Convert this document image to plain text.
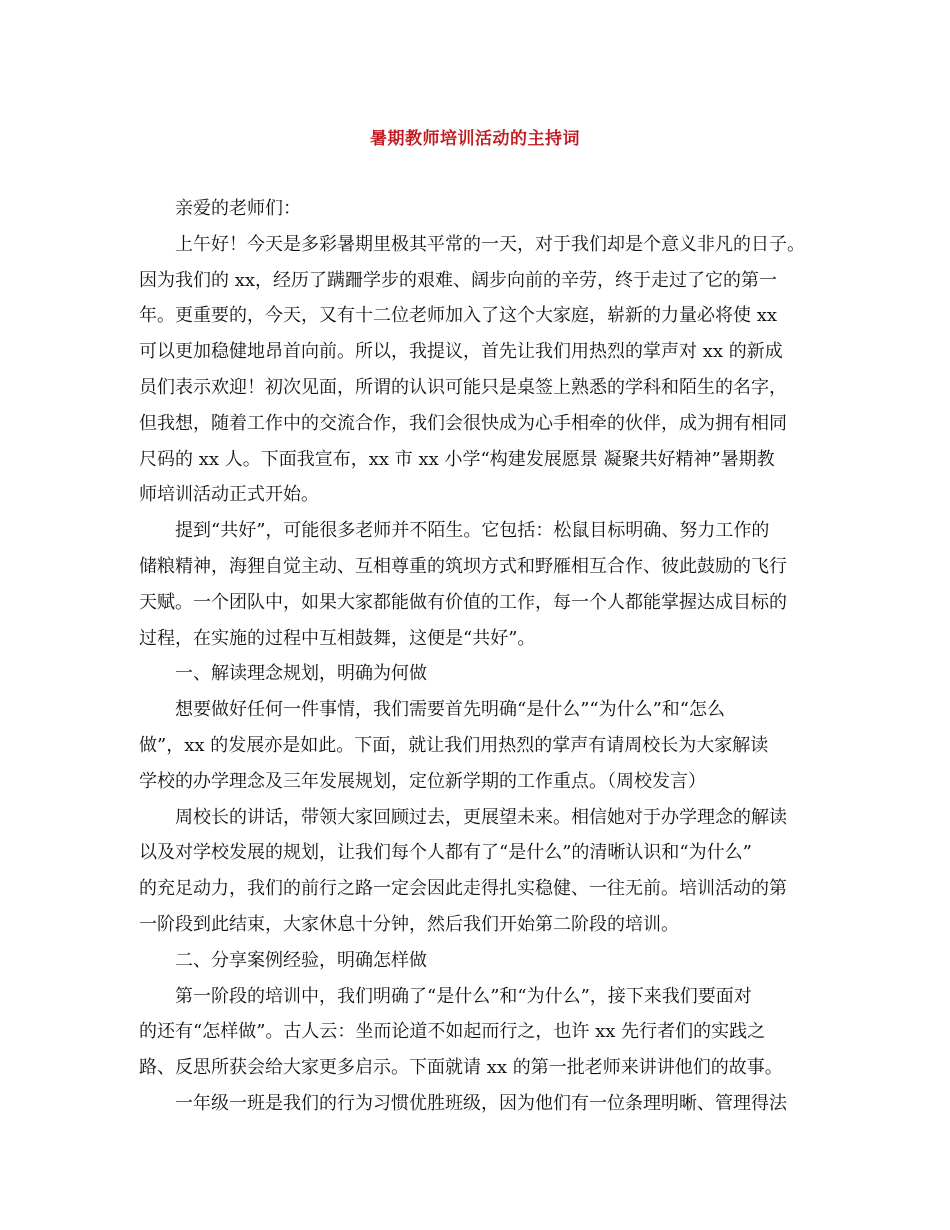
暑期教师培训活动的主持词
亲爱的老师们：
上午好！今天是多彩暑期里极其平常的一天，对于我们却是个意义非凡的日子。
因为我们的 xx，经历了蹒跚学步的艰难、阔步向前的辛劳，终于走过了它的第一
年。更重要的，今天，又有十二位老师加入了这个大家庭，崭新的力量必将使 xx
可以更加稳健地昂首向前。所以，我提议，首先让我们用热烈的掌声对 xx 的新成
员们表示欢迎！初次见面，所谓的认识可能只是桌签上熟悉的学科和陌生的名字，
但我想，随着工作中的交流合作，我们会很快成为心手相牵的伙伴，成为拥有相同
尺码的 xx 人。下面我宣布，xx 市 xx 小学“构建发展愿景 凝聚共好精神”暑期教
师培训活动正式开始。
提到“共好”，可能很多老师并不陌生。它包括：松鼠目标明确、努力工作的
储粮精神，海狸自觉主动、互相尊重的筑坝方式和野雁相互合作、彼此鼓励的飞行
天赋。一个团队中，如果大家都能做有价值的工作，每一个人都能掌握达成目标的
过程，在实施的过程中互相鼓舞，这便是“共好”。
一、解读理念规划，明确为何做
想要做好任何一件事情，我们需要首先明确“是什么”“为什么”和“怎么
做”，xx 的发展亦是如此。下面，就让我们用热烈的掌声有请周校长为大家解读
学校的办学理念及三年发展规划，定位新学期的工作重点。（周校发言）
周校长的讲话，带领大家回顾过去，更展望未来。相信她对于办学理念的解读
以及对学校发展的规划，让我们每个人都有了“是什么”的清晰认识和“为什么”
的充足动力，我们的前行之路一定会因此走得扎实稳健、一往无前。培训活动的第
一阶段到此结束，大家休息十分钟，然后我们开始第二阶段的培训。
二、分享案例经验，明确怎样做
第一阶段的培训中，我们明确了“是什么”和“为什么”，接下来我们要面对
的还有“怎样做”。古人云：坐而论道不如起而行之，也许 xx 先行者们的实践之
路、反思所获会给大家更多启示。下面就请 xx 的第一批老师来讲讲他们的故事。
一年级一班是我们的行为习惯优胜班级，因为他们有一位条理明晰、管理得法
